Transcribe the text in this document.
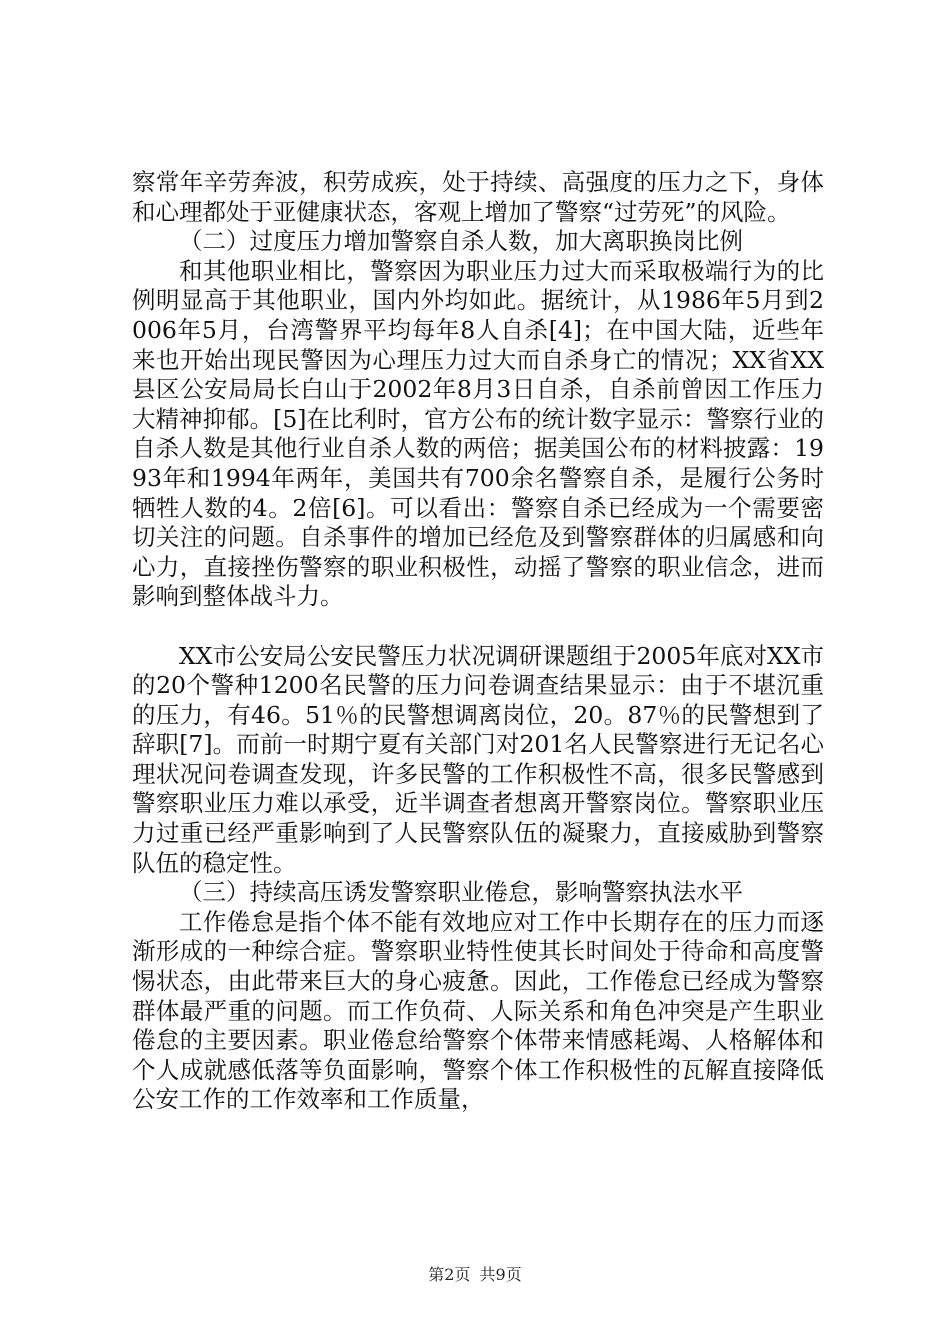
察常年辛劳奔波，积劳成疾，处于持续、高强度的压力之下，身体和心理都处于亚健康状态，客观上增加了警察“过劳死”的风险。

（二）过度压力增加警察自杀人数，加大离职换岗比例

和其他职业相比，警察因为职业压力过大而采取极端行为的比例明显高于其他职业，国内外均如此。据统计，从1986年5月到2006年5月，台湾警界平均每年8人自杀[4]；在中国大陆，近些年来也开始出现民警因为心理压力过大而自杀身亡的情况；XX省XX县区公安局局长白山于2002年8月3日自杀，自杀前曾因工作压力大精神抑郁。[5]在比利时，官方公布的统计数字显示：警察行业的自杀人数是其他行业自杀人数的两倍；据美国公布的材料披露：1993年和1994年两年，美国共有700余名警察自杀，是履行公务时牺牲人数的4。2倍[6]。可以看出：警察自杀已经成为一个需要密切关注的问题。自杀事件的增加已经危及到警察群体的归属感和向心力，直接挫伤警察的职业积极性，动摇了警察的职业信念，进而影响到整体战斗力。

XX市公安局公安民警压力状况调研课题组于2005年底对XX市的20个警种1200名民警的压力问卷调查结果显示：由于不堪沉重的压力，有46。51％的民警想调离岗位，20。87％的民警想到了辞职[7]。而前一时期宁夏有关部门对201名人民警察进行无记名心理状况问卷调查发现，许多民警的工作积极性不高，很多民警感到警察职业压力难以承受，近半调查者想离开警察岗位。警察职业压力过重已经严重影响到了人民警察队伍的凝聚力，直接威胁到警察队伍的稳定性。

（三）持续高压诱发警察职业倦怠，影响警察执法水平

工作倦怠是指个体不能有效地应对工作中长期存在的压力而逐渐形成的一种综合症。警察职业特性使其长时间处于待命和高度警惕状态，由此带来巨大的身心疲惫。因此，工作倦怠已经成为警察群体最严重的问题。而工作负荷、人际关系和角色冲突是产生职业倦怠的主要因素。职业倦怠给警察个体带来情感耗竭、人格解体和个人成就感低落等负面影响，警察个体工作积极性的瓦解直接降低公安工作的工作效率和工作质量，

第2页 共9页
